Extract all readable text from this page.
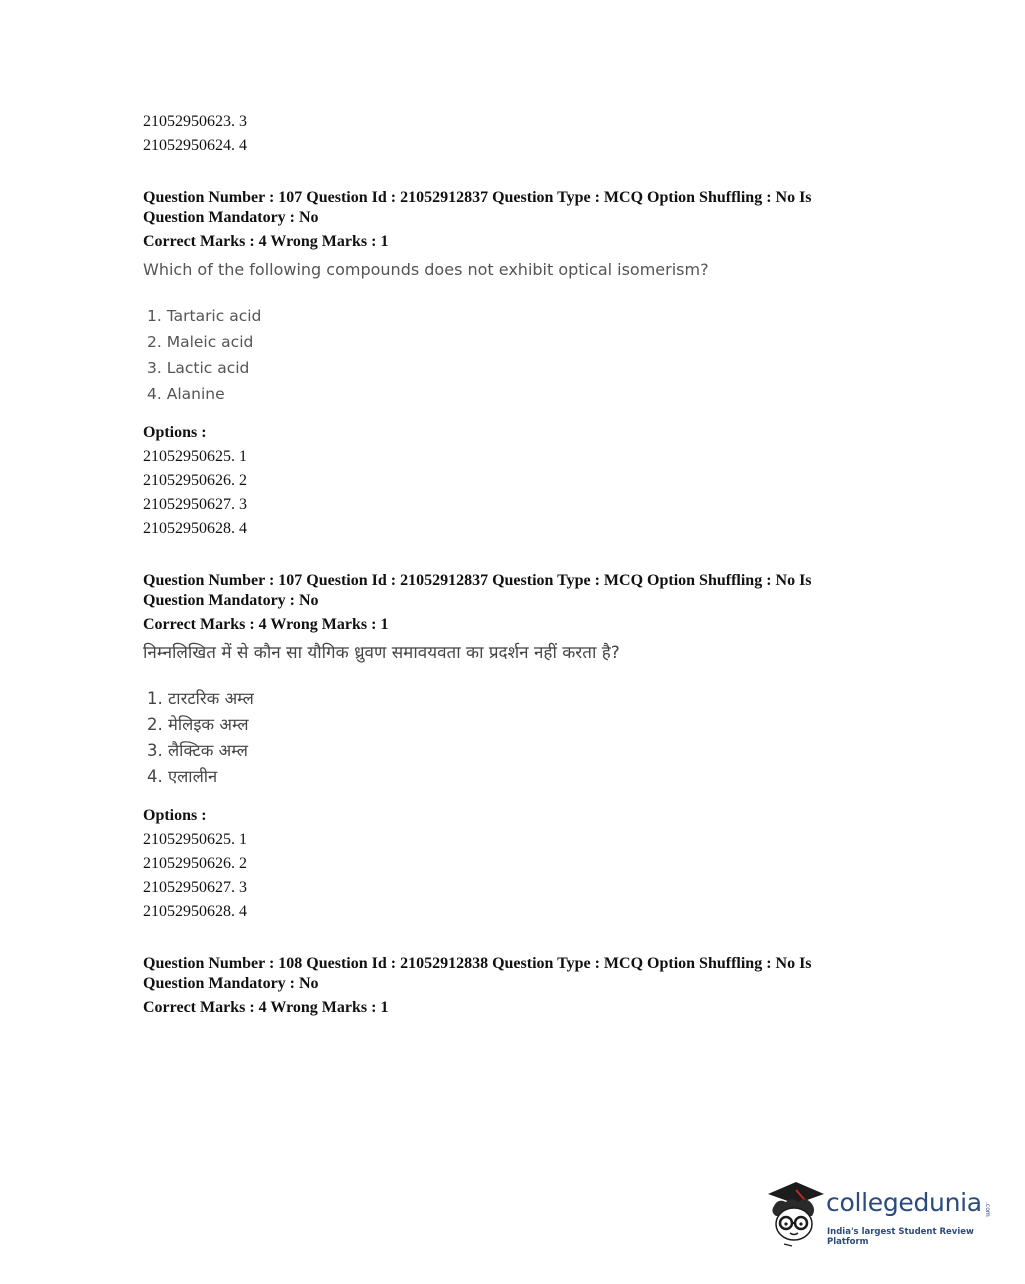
21052950623. 3
21052950624. 4
Question Number : 107 Question Id : 21052912837 Question Type : MCQ Option Shuffling : No Is
Question Mandatory : No
Correct Marks : 4 Wrong Marks : 1
Which of the following compounds does not exhibit optical isomerism?
1. Tartaric acid
2. Maleic acid
3. Lactic acid
4. Alanine
Options :
21052950625. 1
21052950626. 2
21052950627. 3
21052950628. 4
Question Number : 107 Question Id : 21052912837 Question Type : MCQ Option Shuffling : No Is
Question Mandatory : No
Correct Marks : 4 Wrong Marks : 1
निम्नलिखित में से कौन सा यौगिक ध्रुवण समावयवता का प्रदर्शन नहीं करता है?
1. टारटरिक अम्ल
2. मेलिइक अम्ल
3. लैक्टिक अम्ल
4. एलालीन
Options :
21052950625. 1
21052950626. 2
21052950627. 3
21052950628. 4
Question Number : 108 Question Id : 21052912838 Question Type : MCQ Option Shuffling : No Is
Question Mandatory : No
Correct Marks : 4 Wrong Marks : 1
collegedunia .com
India's largest Student Review Platform
